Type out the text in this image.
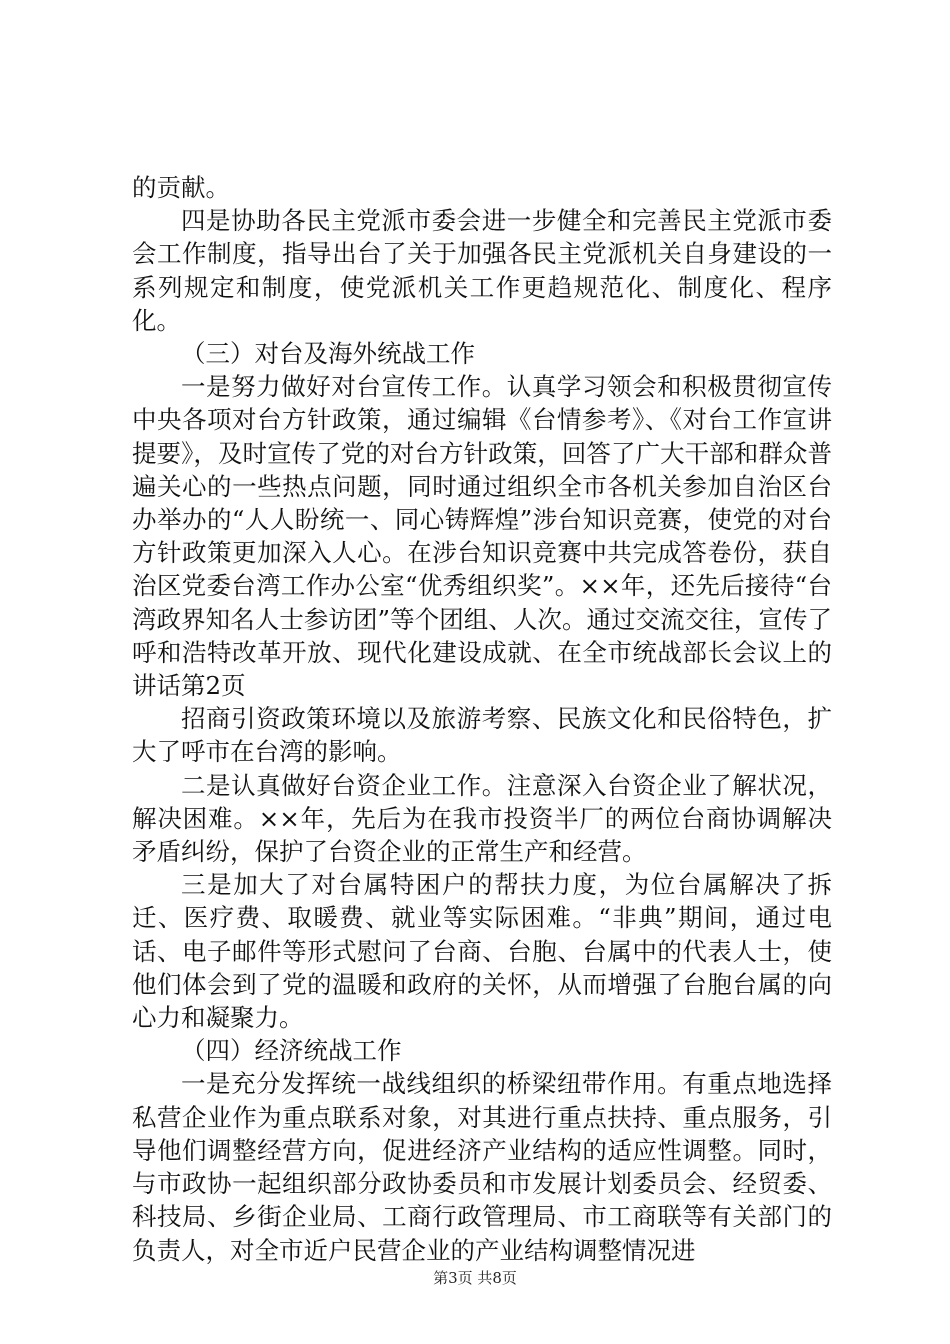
的贡献。

四是协助各民主党派市委会进一步健全和完善民主党派市委会工作制度，指导出台了关于加强各民主党派机关自身建设的一系列规定和制度，使党派机关工作更趋规范化、制度化、程序化。

（三）对台及海外统战工作

一是努力做好对台宣传工作。认真学习领会和积极贯彻宣传中央各项对台方针政策，通过编辑《台情参考》、《对台工作宣讲提要》，及时宣传了党的对台方针政策，回答了广大干部和群众普遍关心的一些热点问题，同时通过组织全市各机关参加自治区台办举办的“人人盼统一、同心铸辉煌”涉台知识竞赛，使党的对台方针政策更加深入人心。在涉台知识竞赛中共完成答卷份，获自治区党委台湾工作办公室“优秀组织奖”。××年，还先后接待“台湾政界知名人士参访团”等个团组、人次。通过交流交往，宣传了呼和浩特改革开放、现代化建设成就、在全市统战部长会议上的讲话第2页

招商引资政策环境以及旅游考察、民族文化和民俗特色，扩大了呼市在台湾的影响。

二是认真做好台资企业工作。注意深入台资企业了解状况，解决困难。××年，先后为在我市投资半厂的两位台商协调解决矛盾纠纷，保护了台资企业的正常生产和经营。

三是加大了对台属特困户的帮扶力度，为位台属解决了拆迁、医疗费、取暖费、就业等实际困难。“非典”期间，通过电话、电子邮件等形式慰问了台商、台胞、台属中的代表人士，使他们体会到了党的温暖和政府的关怀，从而增强了台胞台属的向心力和凝聚力。

（四）经济统战工作

一是充分发挥统一战线组织的桥梁纽带作用。有重点地选择私营企业作为重点联系对象，对其进行重点扶持、重点服务，引导他们调整经营方向，促进经济产业结构的适应性调整。同时，与市政协一起组织部分政协委员和市发展计划委员会、经贸委、科技局、乡街企业局、工商行政管理局、市工商联等有关部门的负责人，对全市近户民营企业的产业结构调整情况进

第3页 共8页
